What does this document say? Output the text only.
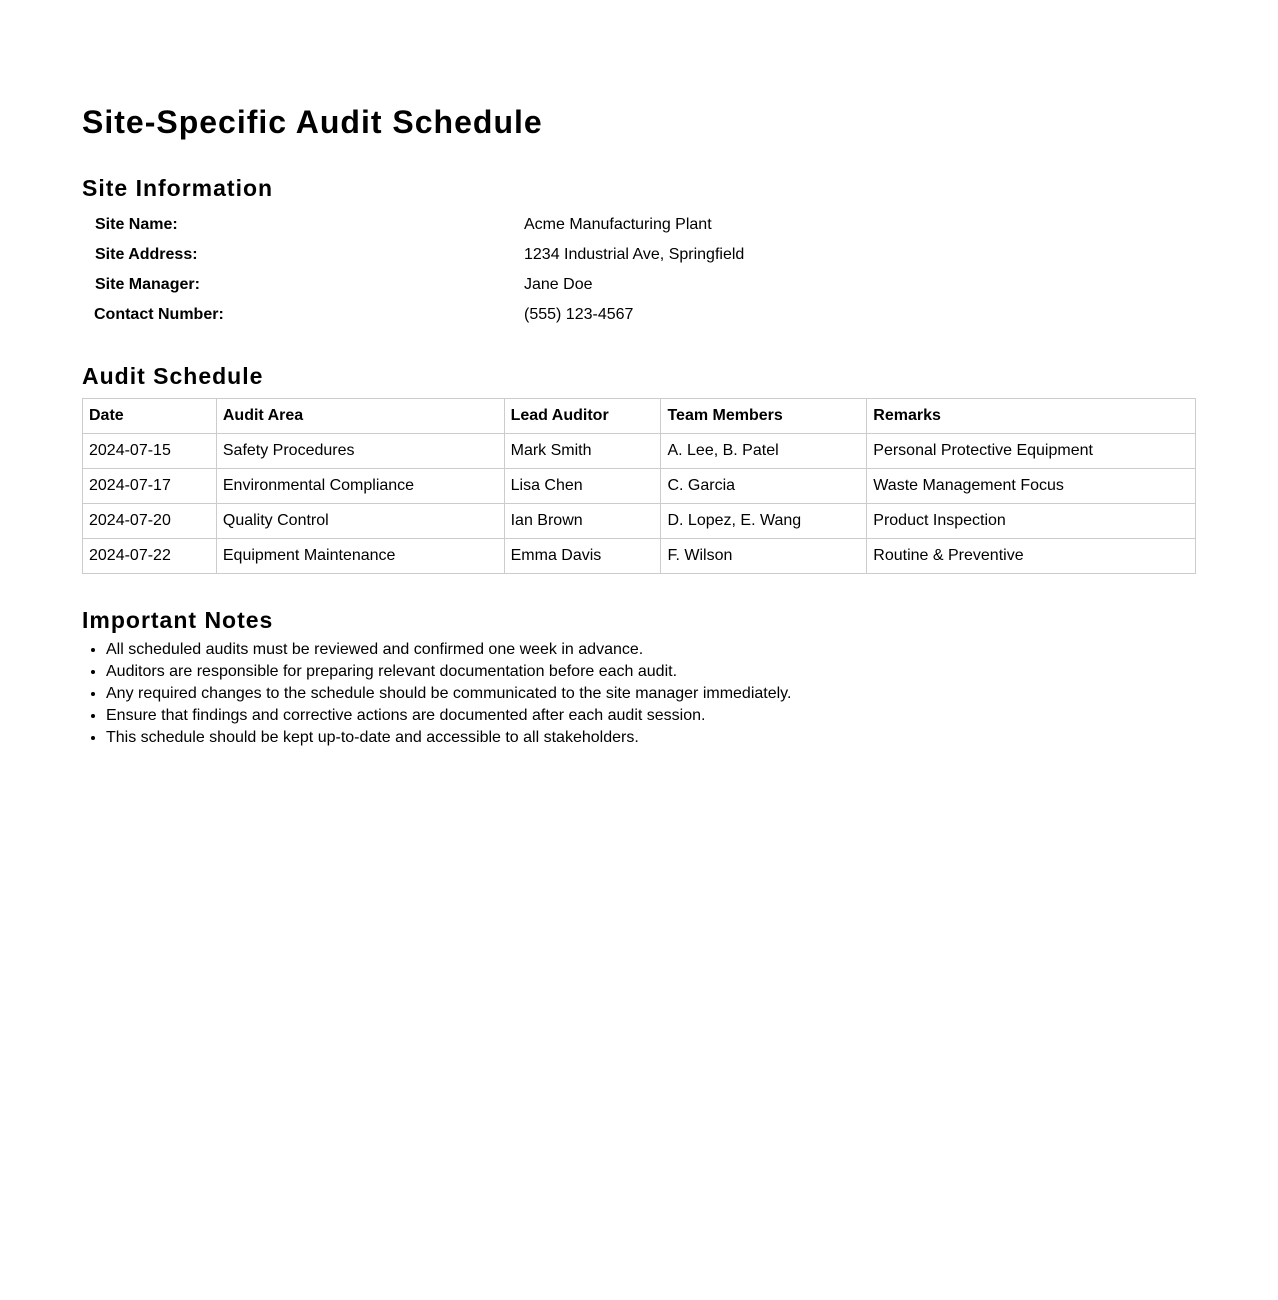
Site-Specific Audit Schedule
Site Information
Site Name:	Acme Manufacturing Plant
Site Address:	1234 Industrial Ave, Springfield
Site Manager:	Jane Doe
Contact Number:	(555) 123-4567
Audit Schedule
Date	Audit Area	Lead Auditor	Team Members	Remarks
2024-07-15	Safety Procedures	Mark Smith	A. Lee, B. Patel	Personal Protective Equipment
2024-07-17	Environmental Compliance	Lisa Chen	C. Garcia	Waste Management Focus
2024-07-20	Quality Control	Ian Brown	D. Lopez, E. Wang	Product Inspection
2024-07-22	Equipment Maintenance	Emma Davis	F. Wilson	Routine & Preventive
Important Notes
• All scheduled audits must be reviewed and confirmed one week in advance.
• Auditors are responsible for preparing relevant documentation before each audit.
• Any required changes to the schedule should be communicated to the site manager immediately.
• Ensure that findings and corrective actions are documented after each audit session.
• This schedule should be kept up-to-date and accessible to all stakeholders.
